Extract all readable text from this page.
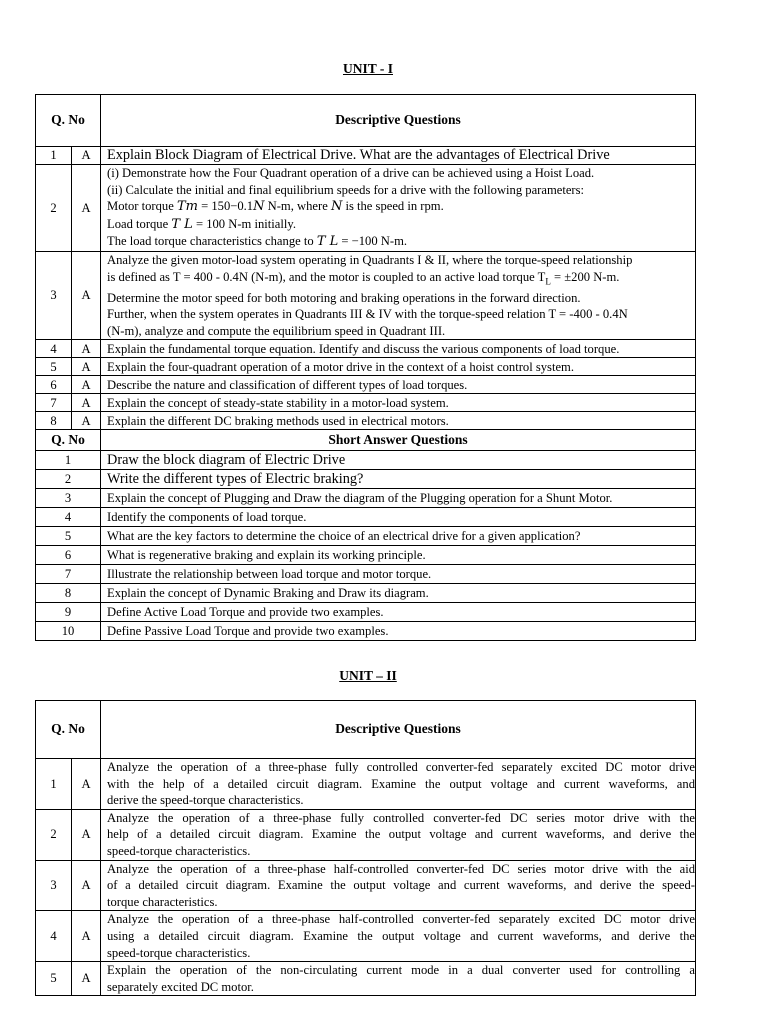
UNIT - I
Q. No		Descriptive Questions
1	A	Explain Block Diagram of Electrical Drive. What are the advantages of Electrical Drive
2	A	(i) Demonstrate how the Four Quadrant operation of a drive can be achieved using a Hoist Load.
(ii) Calculate the initial and final equilibrium speeds for a drive with the following parameters:
Motor torque Tm = 150−0.1N N-m, where N is the speed in rpm.
Load torque T L = 100 N-m initially.
The load torque characteristics change to T L = −100 N-m.

3	A	Analyze the given motor-load system operating in Quadrants I & II, where the torque-speed relationship
is defined as T = 400 - 0.4N (N-m), and the motor is coupled to an active load torque $T_L = \pm 200$ N-m.
Determine the motor speed for both motoring and braking operations in the forward direction.
Further, when the system operates in Quadrants III & IV with the torque-speed relation T = -400 - 0.4N
(N-m), analyze and compute the equilibrium speed in Quadrant III.

4	A	Explain the fundamental torque equation. Identify and discuss the various components of load torque.
5	A	Explain the four-quadrant operation of a motor drive in the context of a hoist control system.
6	A	Describe the nature and classification of different types of load torques.
7	A	Explain the concept of steady-state stability in a motor-load system.
8	A	Explain the different DC braking methods used in electrical motors.
Q. No		Short Answer Questions
1		Draw the block diagram of Electric Drive
2		Write the different types of Electric braking?
3		Explain the concept of Plugging and Draw the diagram of the Plugging operation for a Shunt Motor.
4		Identify the components of load torque.
5		What are the key factors to determine the choice of an electrical drive for a given application?
6		What is regenerative braking and explain its working principle.
7		Illustrate the relationship between load torque and motor torque.
8		Explain the concept of Dynamic Braking and Draw its diagram.
9		Define Active Load Torque and provide two examples.
10		Define Passive Load Torque and provide two examples.
UNIT – II
Q. No		Descriptive Questions
1	A	Analyze the operation of a three-phase fully controlled converter-fed separately excited DC motor drive
with the help of a detailed circuit diagram. Examine the output voltage and current waveforms, and
derive the speed-torque characteristics.

2	A	Analyze the operation of a three-phase fully controlled converter-fed DC series motor drive with the
help of a detailed circuit diagram. Examine the output voltage and current waveforms, and derive the
speed-torque characteristics.

3	A	Analyze the operation of a three-phase half-controlled converter-fed DC series motor drive with the aid
of a detailed circuit diagram. Examine the output voltage and current waveforms, and derive the speed-
torque characteristics.

4	A	Analyze the operation of a three-phase half-controlled converter-fed separately excited DC motor drive
using a detailed circuit diagram. Examine the output voltage and current waveforms, and derive the
speed-torque characteristics.

5	A	Explain the operation of the non-circulating current mode in a dual converter used for controlling a
separately excited DC motor.
